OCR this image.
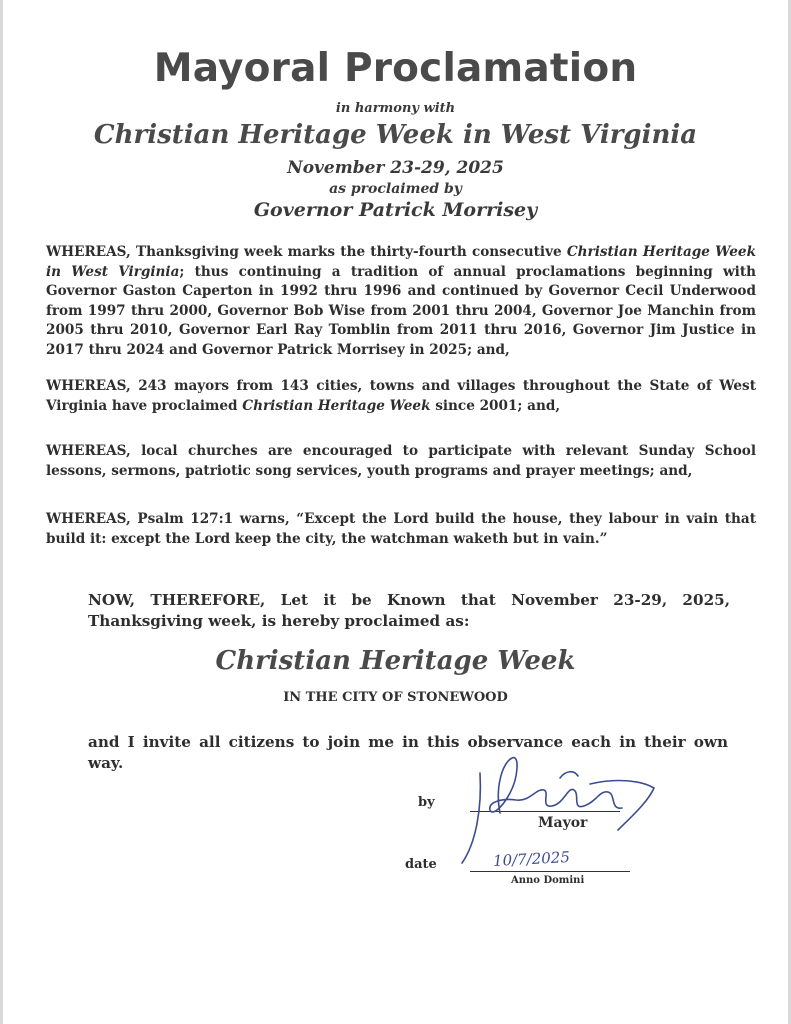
Mayoral Proclamation

in harmony with

Christian Heritage Week in West Virginia

November 23-29, 2025

as proclaimed by

Governor Patrick Morrisey

WHEREAS, Thanksgiving week marks the thirty-fourth consecutive Christian Heritage Week in West Virginia; thus continuing a tradition of annual proclamations beginning with Governor Gaston Caperton in 1992 thru 1996 and continued by Governor Cecil Underwood from 1997 thru 2000, Governor Bob Wise from 2001 thru 2004, Governor Joe Manchin from 2005 thru 2010, Governor Earl Ray Tomblin from 2011 thru 2016, Governor Jim Justice in 2017 thru 2024 and Governor Patrick Morrisey in 2025; and,

WHEREAS, 243 mayors from 143 cities, towns and villages throughout the State of West Virginia have proclaimed Christian Heritage Week since 2001; and,

WHEREAS, local churches are encouraged to participate with relevant Sunday School lessons, sermons, patriotic song services, youth programs and prayer meetings; and,

WHEREAS, Psalm 127:1 warns, “Except the Lord build the house, they labour in vain that build it: except the Lord keep the city, the watchman waketh but in vain.”

NOW, THEREFORE, Let it be Known that November 23-29, 2025, Thanksgiving week, is hereby proclaimed as:

Christian Heritage Week

IN THE CITY OF STONEWOOD

and I invite all citizens to join me in this observance each in their own way.

by

Mayor

date	10/7/2025

Anno Domini
